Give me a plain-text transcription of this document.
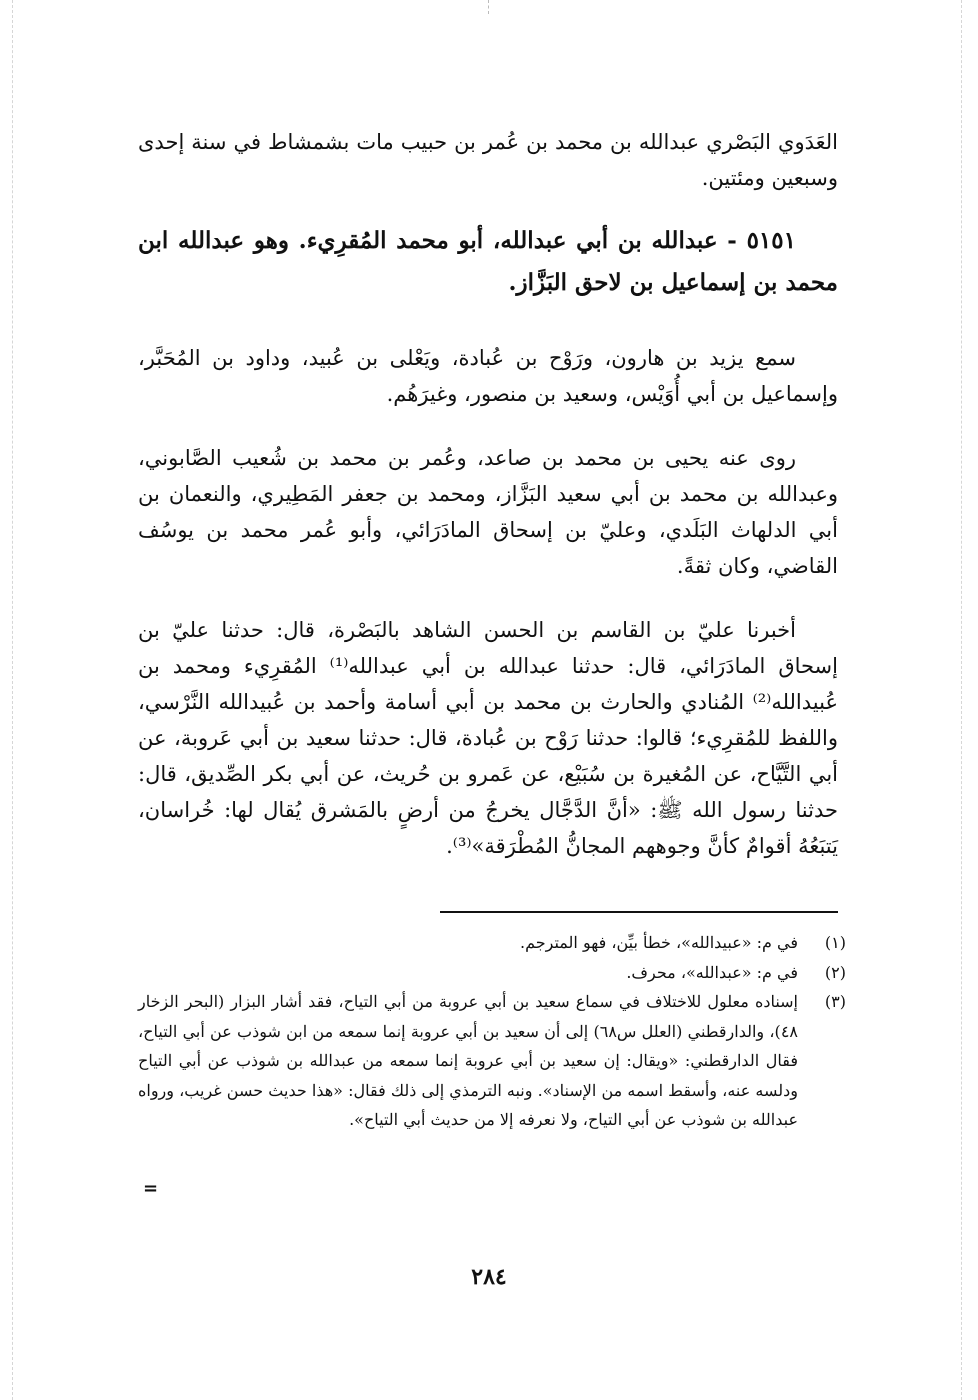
العَدَوي البَصْري عبدالله بن محمد بن عُمر بن حبيب مات بشمشاط في سنة إحدى وسبعين ومئتين.

٥١٥١ - عبدالله بن أبي عبدالله، أبو محمد المُقرِيء. وهو عبدالله ابن محمد بن إسماعيل بن لاحق البَزَّاز.

سمع يزيد بن هارون، ورَوْح بن عُبادة، ويَعْلى بن عُبيد، وداود بن المُحَبَّر، وإسماعيل بن أبي أُوَيْس، وسعيد بن منصور، وغيرَهُم.

روى عنه يحيى بن محمد بن صاعد، وعُمر بن محمد بن شُعيب الصَّابوني، وعبدالله بن محمد بن أبي سعيد البَزَّاز، ومحمد بن جعفر المَطِيري، والنعمان بن أبي الدلهاث البَلَدي، وعليّ بن إسحاق المادَرَائي، وأبو عُمر محمد بن يوسُف القاضي، وكان ثقةً.

أخبرنا عليّ بن القاسم بن الحسن الشاهد بالبَصْرة، قال: حدثنا عليّ بن إسحاق المادَرَائي، قال: حدثنا عبدالله بن أبي عبدالله⁽¹⁾ المُقرِيء ومحمد بن عُبيدالله⁽²⁾ المُنادي والحارث بن محمد بن أبي أسامة وأحمد بن عُبيدالله النَّرْسي، واللفظ للمُقرِيء؛ قالوا: حدثنا رَوْح بن عُبادة، قال: حدثنا سعيد بن أبي عَروبة، عن أبي التَّيَّاح، عن المُغيرة بن سُبَيْع، عن عَمرو بن حُريث، عن أبي بكر الصِّديق، قال: حدثنا رسول الله ﷺ: «أنَّ الدَّجَّال يخرجُ من أرضٍ بالمَشرق يُقال لها: خُراسان، يَتبَعُهُ أقوامٌ كأنَّ وجوههم المجانُّ المُطْرَقة»⁽³⁾.

(١)
في م: «عبيدالله»، خطأ بيِّن، فهو المترجم.
(٢)
في م: «عبدالله»، محرف.
(٣)
إسناده معلول للاختلاف في سماع سعيد بن أبي عروبة من أبي التياح، فقد أشار البزار (البحر الزخار ٤٨)، والدارقطني (العلل س٦٨) إلى أن سعيد بن أبي عروبة إنما سمعه من ابن شوذب عن أبي التياح، فقال الدارقطني: «ويقال: إن سعيد بن أبي عروبة إنما سمعه من عبدالله بن شوذب عن أبي التياح ودلسه عنه، وأسقط اسمه من الإسناد». ونبه الترمذي إلى ذلك فقال: «هذا حديث حسن غريب، ورواه عبدالله بن شوذب عن أبي التياح، ولا نعرفه إلا من حديث أبي التياح».
=
٢٨٤
